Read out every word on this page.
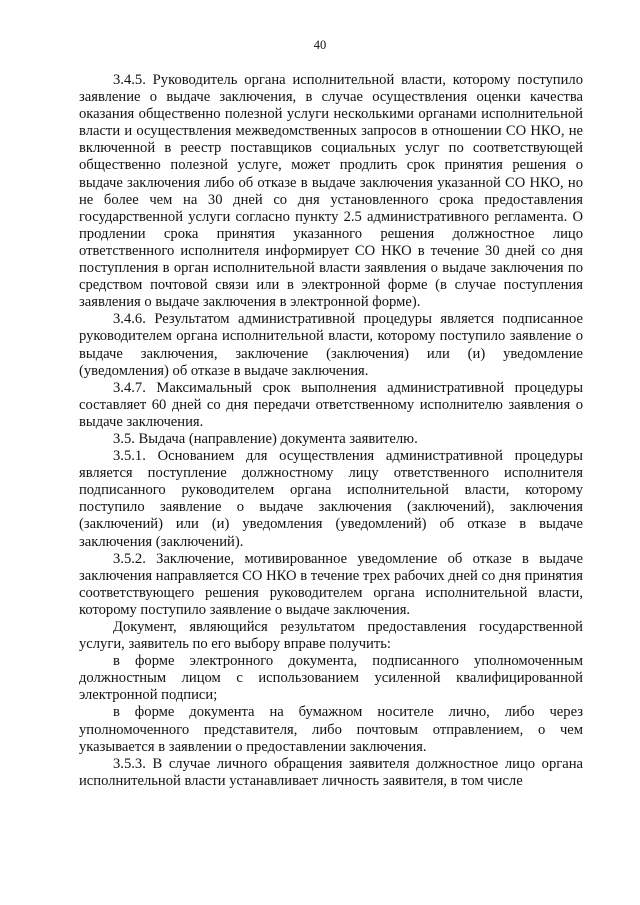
40

3.4.5. Руководитель органа исполнительной власти, которому поступило заявление о выдаче заключения, в случае осуществления оценки качества оказания общественно полезной услуги несколькими органами исполнительной власти и осуществления межведомственных запросов в отношении СО НКО, не включенной в реестр поставщиков социальных услуг по соответствующей общественно полезной услуге, может продлить срок принятия решения о выдаче заключения либо об отказе в выдаче заключения указанной СО НКО, но не более чем на 30 дней со дня установленного срока предоставления государственной услуги согласно пункту 2.5 административного регламента. О продлении срока принятия указанного решения должностное лицо ответственного исполнителя информирует СО НКО в течение 30 дней со дня поступления в орган исполнительной власти заявления о выдаче заключения по средством почтовой связи или в электронной форме (в случае поступления заявления о выдаче заключения в электронной форме).

3.4.6. Результатом административной процедуры является подписанное руководителем органа исполнительной власти, которому поступило заявление о выдаче заключения, заключение (заключения) или (и) уведомление (уведомления) об отказе в выдаче заключения.

3.4.7. Максимальный срок выполнения административной процедуры составляет 60 дней со дня передачи ответственному исполнителю заявления о выдаче заключения.

3.5. Выдача (направление) документа заявителю.

3.5.1. Основанием для осуществления административной процедуры является поступление должностному лицу ответственного исполнителя подписанного руководителем органа исполнительной власти, которому поступило заявление о выдаче заключения (заключений), заключения (заключений) или (и) уведомления (уведомлений) об отказе в выдаче заключения (заключений).

3.5.2. Заключение, мотивированное уведомление об отказе в выдаче заключения направляется СО НКО в течение трех рабочих дней со дня принятия соответствующего решения руководителем органа исполнительной власти, которому поступило заявление о выдаче заключения.

Документ, являющийся результатом предоставления государственной услуги, заявитель по его выбору вправе получить:

в форме электронного документа, подписанного уполномоченным должностным лицом с использованием усиленной квалифицированной электронной подписи;

в форме документа на бумажном носителе лично, либо через уполномоченного представителя, либо почтовым отправлением, о чем указывается в заявлении о предоставлении заключения.

3.5.3. В случае личного обращения заявителя должностное лицо органа исполнительной власти устанавливает личность заявителя, в том числе
